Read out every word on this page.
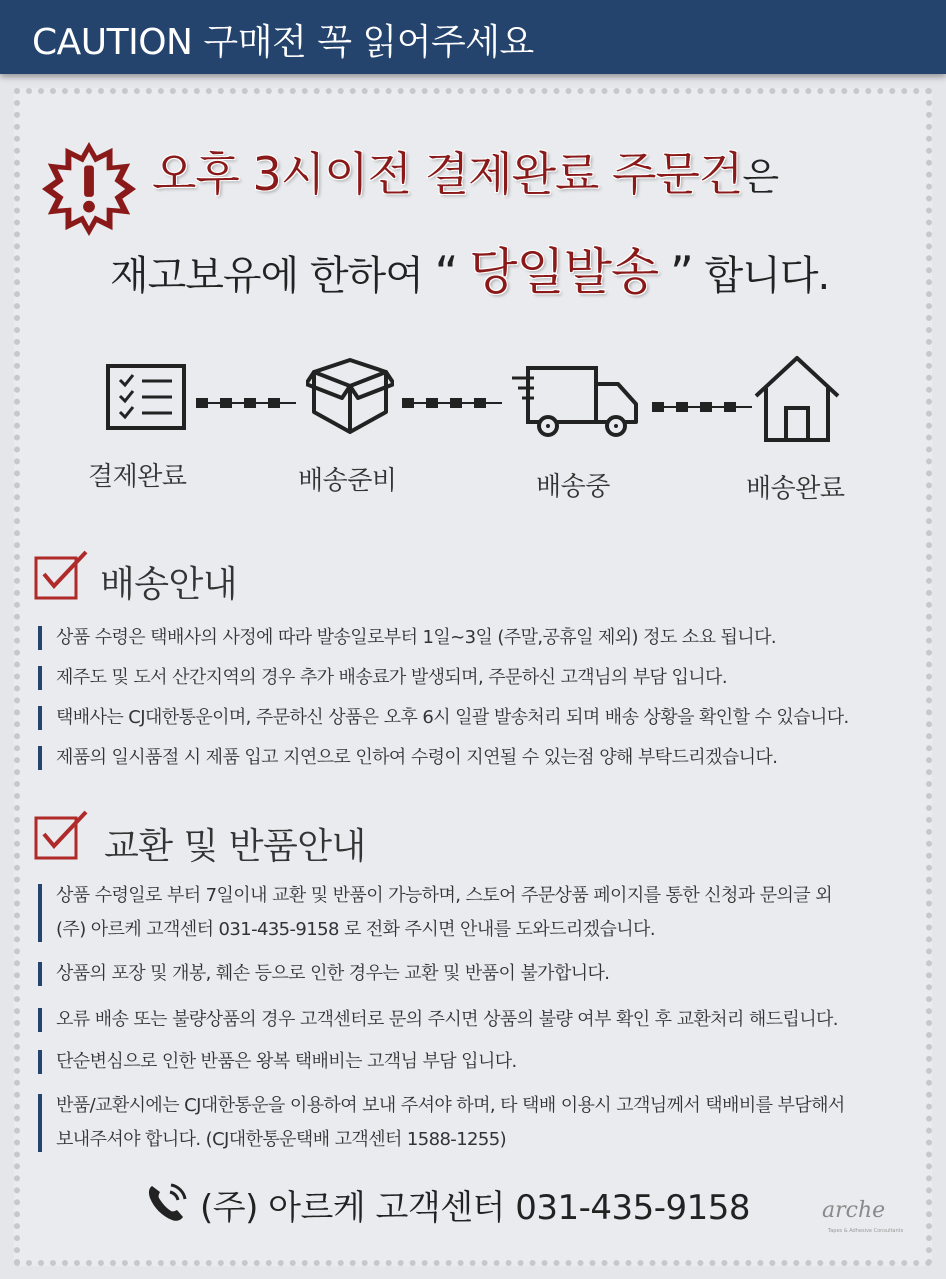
CAUTION 구매전 꼭 읽어주세요
오후 3시이전 결제완료 주문건은
재고보유에 한하여 “ 당일발송 ” 합니다.
결제완료	배송준비	배송중	배송완료
배송안내
상품 수령은 택배사의 사정에 따라 발송일로부터 1일~3일 (주말,공휴일 제외) 정도 소요 됩니다.
제주도 및 도서 산간지역의 경우 추가 배송료가 발생되며, 주문하신 고객님의 부담 입니다.
택배사는 CJ대한통운이며, 주문하신 상품은 오후 6시 일괄 발송처리 되며 배송 상황을 확인할 수 있습니다.
제품의 일시품절 시 제품 입고 지연으로 인하여 수령이 지연될 수 있는점 양해 부탁드리겠습니다.
교환 및 반품안내
상품 수령일로 부터 7일이내 교환 및 반품이 가능하며, 스토어 주문상품 페이지를 통한 신청과 문의글 외
(주) 아르케 고객센터 031-435-9158 로 전화 주시면 안내를 도와드리겠습니다.
상품의 포장 및 개봉, 훼손 등으로 인한 경우는 교환 및 반품이 불가합니다.
오류 배송 또는 불량상품의 경우 고객센터로 문의 주시면 상품의 불량 여부 확인 후 교환처리 해드립니다.
단순변심으로 인한 반품은 왕복 택배비는 고객님 부담 입니다.
반품/교환시에는 CJ대한통운을 이용하여 보내 주셔야 하며, 타 택배 이용시 고객님께서 택배비를 부담해서
보내주셔야 합니다. (CJ대한통운택배 고객센터 1588-1255)
(주) 아르케 고객센터 031-435-9158	arche
Tapes & Adhesive Consultants
